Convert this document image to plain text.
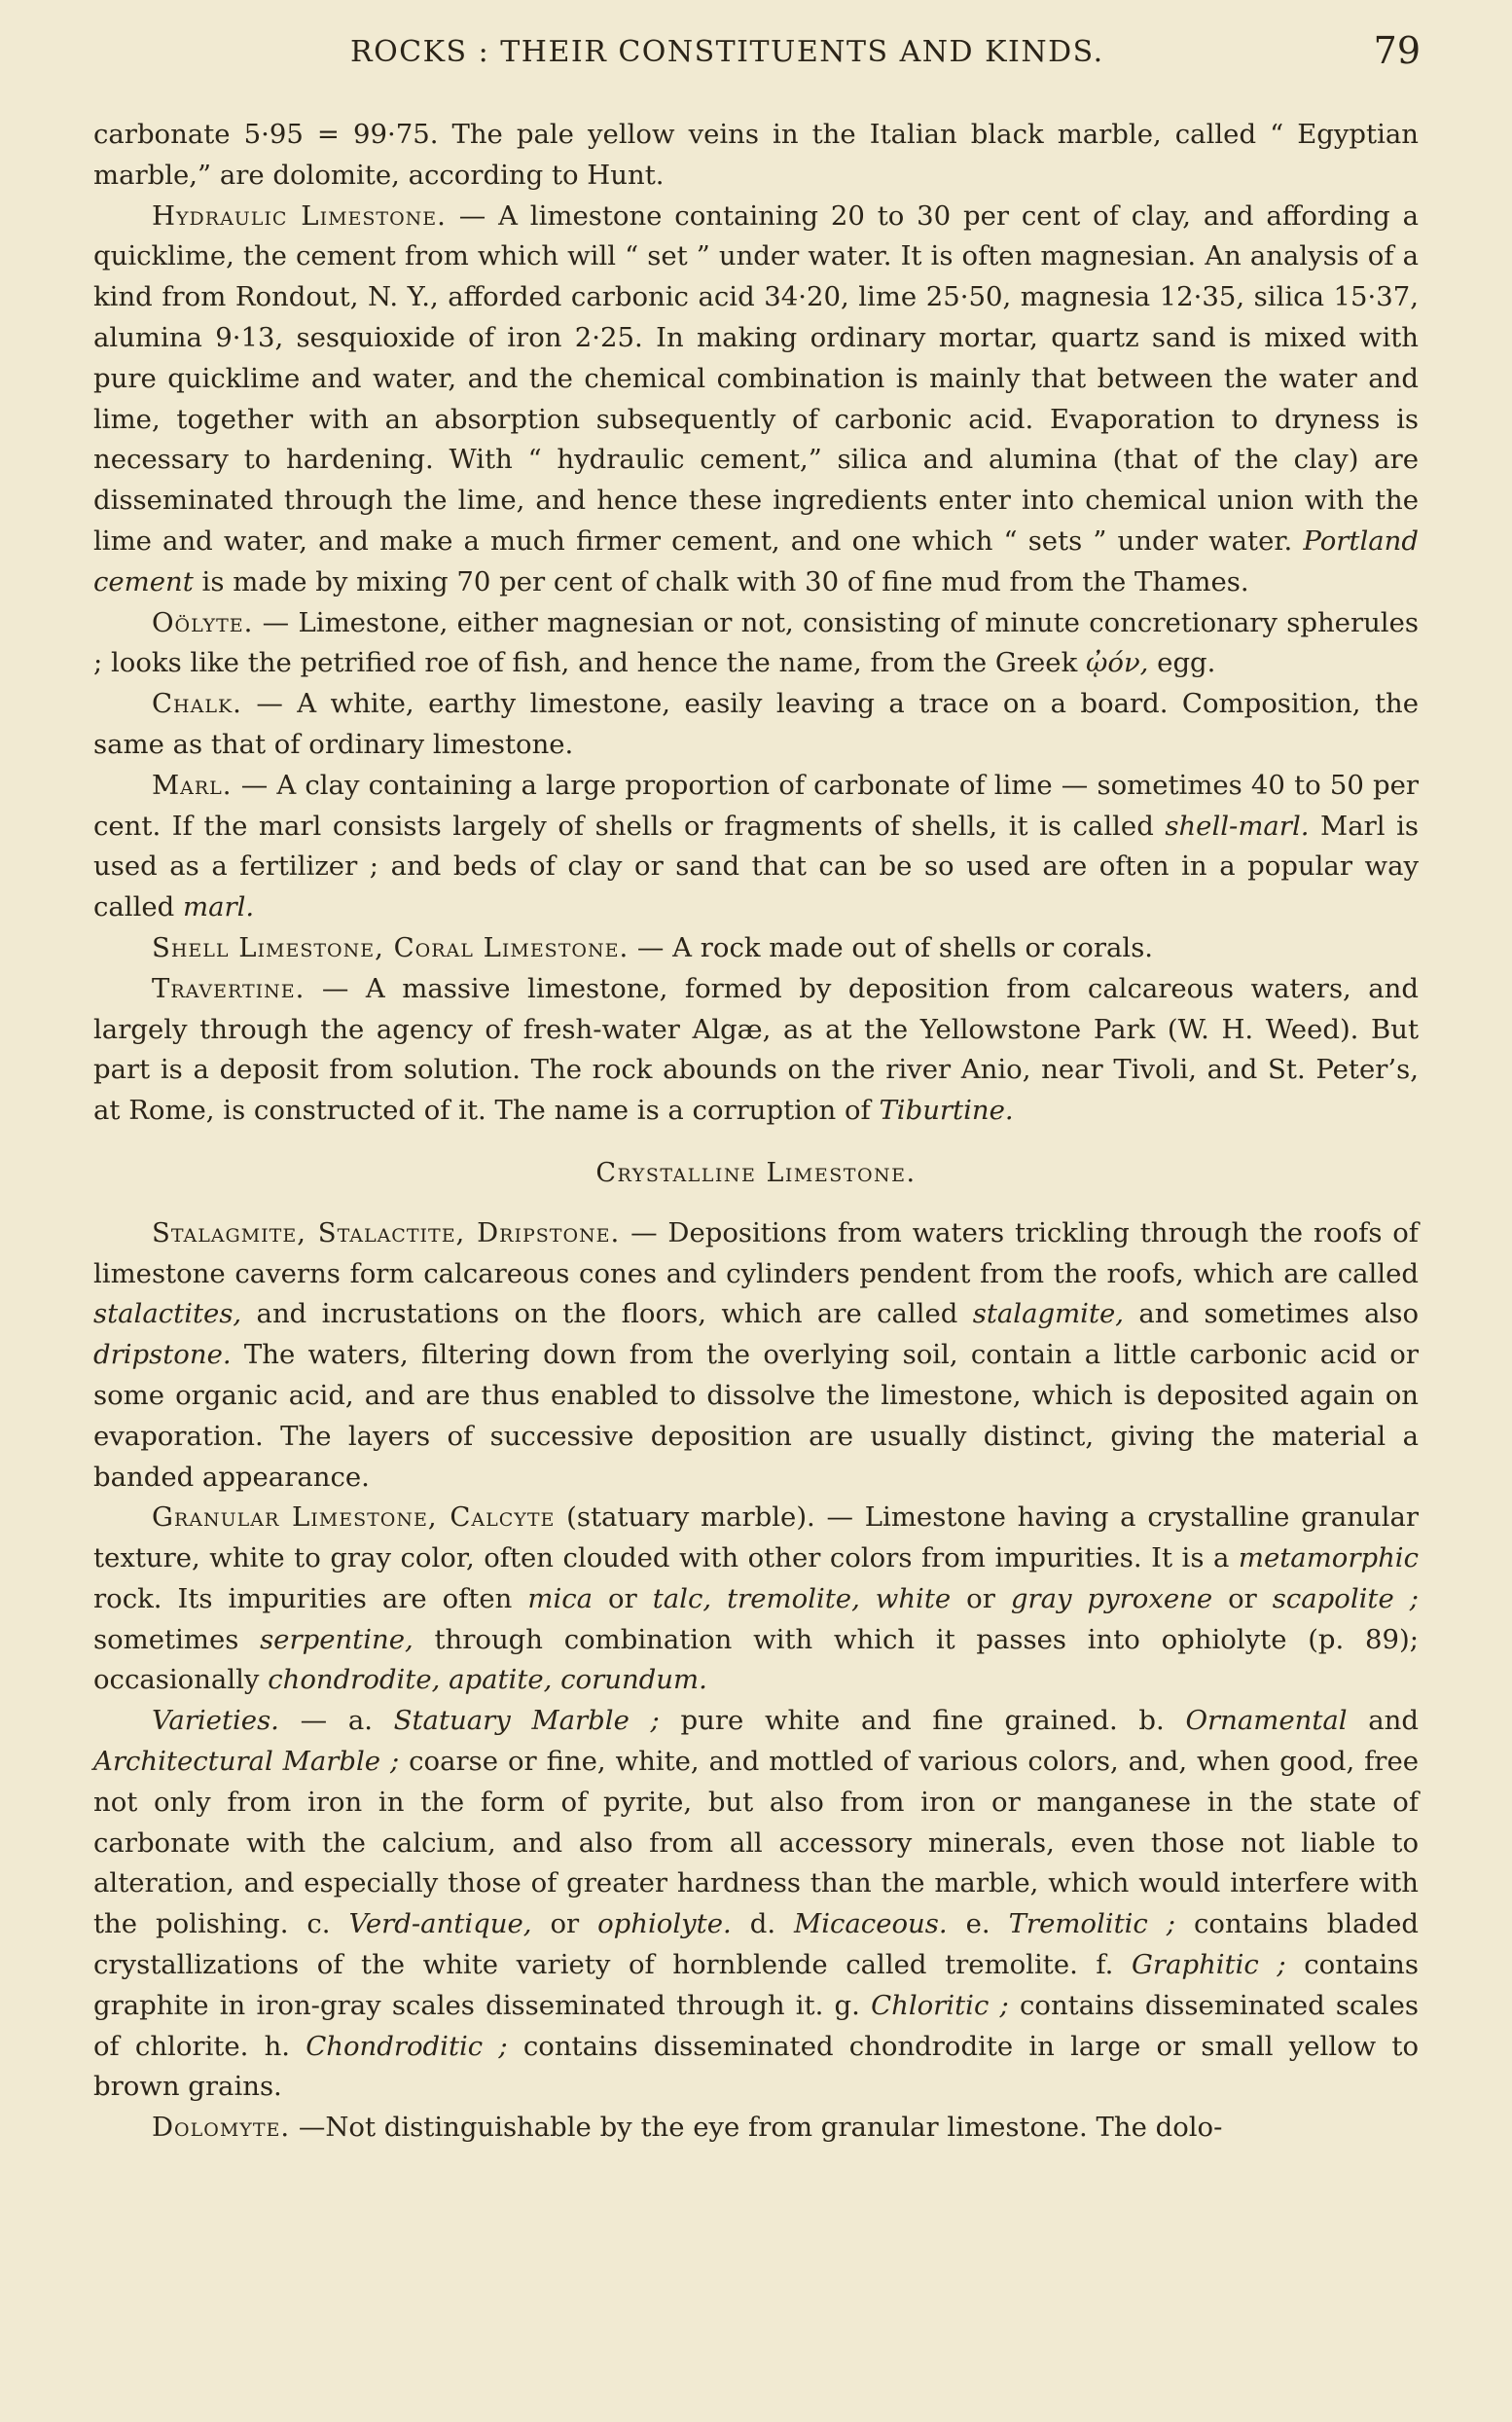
ROCKS : THEIR CONSTITUENTS AND KINDS.	79

carbonate 5·95 = 99·75. The pale yellow veins in the Italian black marble, called “ Egyptian marble,” are dolomite, according to Hunt.

Hydraulic Limestone. — A limestone containing 20 to 30 per cent of clay, and affording a quicklime, the cement from which will “ set ” under water. It is often magnesian. An analysis of a kind from Rondout, N. Y., afforded carbonic acid 34·20, lime 25·50, magnesia 12·35, silica 15·37, alumina 9·13, sesquioxide of iron 2·25. In making ordinary mortar, quartz sand is mixed with pure quicklime and water, and the chemical combination is mainly that between the water and lime, together with an absorption subsequently of carbonic acid. Evaporation to dryness is necessary to hardening. With “ hydraulic cement,” silica and alumina (that of the clay) are disseminated through the lime, and hence these ingredients enter into chemical union with the lime and water, and make a much firmer cement, and one which “ sets ” under water. Portland cement is made by mixing 70 per cent of chalk with 30 of fine mud from the Thames.

Oölyte. — Limestone, either magnesian or not, consisting of minute concretionary spherules ; looks like the petrified roe of fish, and hence the name, from the Greek ᾠόν, egg.

Chalk. — A white, earthy limestone, easily leaving a trace on a board. Composition, the same as that of ordinary limestone.

Marl. — A clay containing a large proportion of carbonate of lime — sometimes 40 to 50 per cent. If the marl consists largely of shells or fragments of shells, it is called shell-marl. Marl is used as a fertilizer ; and beds of clay or sand that can be so used are often in a popular way called marl.

Shell Limestone, Coral Limestone. — A rock made out of shells or corals.

Travertine. — A massive limestone, formed by deposition from calcareous waters, and largely through the agency of fresh-water Algæ, as at the Yellowstone Park (W. H. Weed). But part is a deposit from solution. The rock abounds on the river Anio, near Tivoli, and St. Peter’s, at Rome, is constructed of it. The name is a corruption of Tiburtine.

Crystalline Limestone.

Stalagmite, Stalactite, Dripstone. — Depositions from waters trickling through the roofs of limestone caverns form calcareous cones and cylinders pendent from the roofs, which are called stalactites, and incrustations on the floors, which are called stalagmite, and sometimes also dripstone. The waters, filtering down from the overlying soil, contain a little carbonic acid or some organic acid, and are thus enabled to dissolve the limestone, which is deposited again on evaporation. The layers of successive deposition are usually distinct, giving the material a banded appearance.

Granular Limestone, Calcyte (statuary marble). — Limestone having a crystalline granular texture, white to gray color, often clouded with other colors from impurities. It is a metamorphic rock. Its impurities are often mica or talc, tremolite, white or gray pyroxene or scapolite ; sometimes serpentine, through combination with which it passes into ophiolyte (p. 89); occasionally chondrodite, apatite, corundum.

Varieties. — a. Statuary Marble ; pure white and fine grained. b. Ornamental and Architectural Marble ; coarse or fine, white, and mottled of various colors, and, when good, free not only from iron in the form of pyrite, but also from iron or manganese in the state of carbonate with the calcium, and also from all accessory minerals, even those not liable to alteration, and especially those of greater hardness than the marble, which would interfere with the polishing. c. Verd-antique, or ophiolyte. d. Micaceous. e. Tremolitic ; contains bladed crystallizations of the white variety of hornblende called tremolite. f. Graphitic ; contains graphite in iron-gray scales disseminated through it. g. Chloritic ; contains disseminated scales of chlorite. h. Chondroditic ; contains disseminated chondrodite in large or small yellow to brown grains.

Dolomyte. —Not distinguishable by the eye from granular limestone. The dolo-
